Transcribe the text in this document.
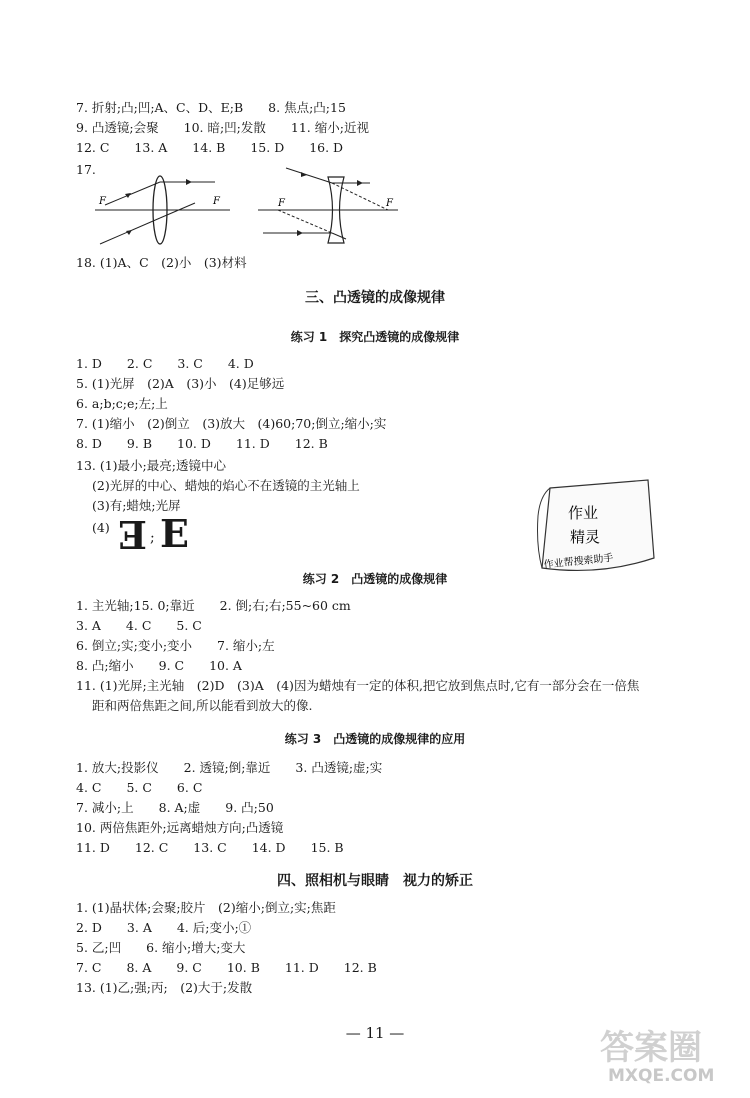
7. 折射;凸;凹;A、C、D、E;B　　8. 焦点;凸;15
9. 凸透镜;会聚　　10. 暗;凹;发散　　11. 缩小;近视
12. C　　13. A　　14. B　　15. D　　16. D
17.
F	F	F	F
18. (1)A、C　(2)小　(3)材料
三、凸透镜的成像规律
练习 1　探究凸透镜的成像规律
1. D　　2. C　　3. C　　4. D
5. (1)光屏　(2)A　(3)小　(4)足够远
6. a;b;c;e;左;上
7. (1)缩小　(2)倒立　(3)放大　(4)60;70;倒立;缩小;实
8. D　　9. B　　10. D　　11. D　　12. B
13. (1)最小;最亮;透镜中心
(2)光屏的中心、蜡烛的焰心不在透镜的主光轴上
(3)有;蜡烛;光屏
(4) E ; E	作业
精灵
作业帮搜索助手
练习 2　凸透镜的成像规律
1. 主光轴;15. 0;靠近　　2. 倒;右;右;55~60 cm
3. A　　4. C　　5. C
6. 倒立;实;变小;变小　　7. 缩小;左
8. 凸;缩小　　9. C　　10. A
11. (1)光屏;主光轴　(2)D　(3)A　(4)因为蜡烛有一定的体积,把它放到焦点时,它有一部分会在一倍焦
距和两倍焦距之间,所以能看到放大的像.
练习 3　凸透镜的成像规律的应用
1. 放大;投影仪　　2. 透镜;倒;靠近　　3. 凸透镜;虚;实
4. C　　5. C　　6. C
7. 减小;上　　8. A;虚　　9. 凸;50
10. 两倍焦距外;远离蜡烛方向;凸透镜
11. D　　12. C　　13. C　　14. D　　15. B
四、照相机与眼睛　视力的矫正
1. (1)晶状体;会聚;胶片　(2)缩小;倒立;实;焦距
2. D　　3. A　　4. 后;变小;①
5. 乙;凹　　6. 缩小;增大;变大
7. C　　8. A　　9. C　　10. B　　11. D　　12. B
13. (1)乙;强;丙;　(2)大于;发散
— 11 —	答案圈
MXQE.COM
